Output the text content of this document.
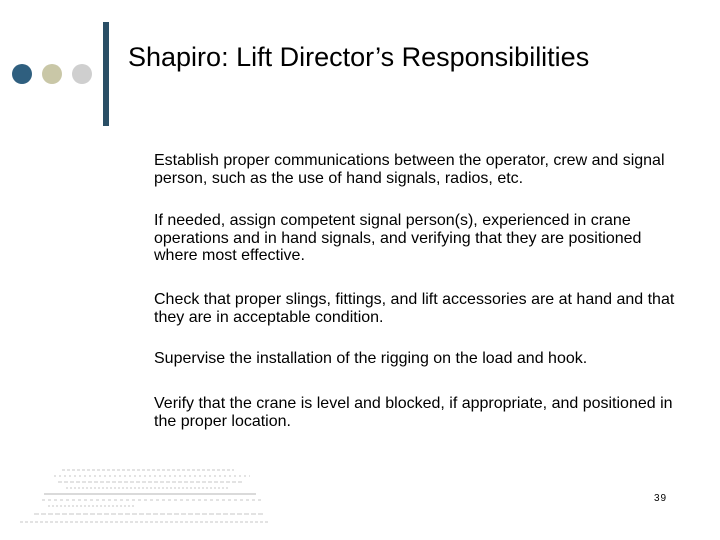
Shapiro: Lift Director’s Responsibilities
Establish proper communications between the operator, crew and signal person, such as the use of hand signals, radios, etc.
If needed, assign competent signal person(s), experienced in crane operations and in hand signals, and verifying that they are positioned where most effective.
Check that proper slings, fittings, and lift accessories are at hand and that they are in acceptable condition.
Supervise the installation of the rigging on the load and hook.
Verify that the crane is level and blocked, if appropriate, and positioned in the proper location.
39
